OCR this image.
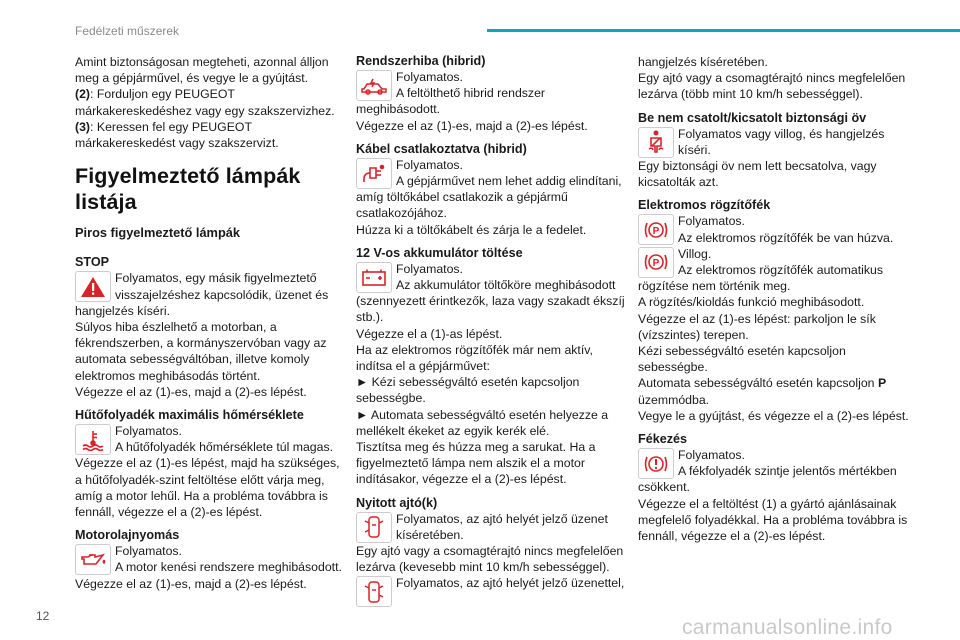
Fedélzeti műszerek

Amint biztonságosan megteheti, azonnal álljon meg a gépjárművel, és vegye le a gyújtást.

(2): Forduljon egy PEUGEOT márkakereskedéshez vagy egy szakszervizhez.

(3): Keressen fel egy PEUGEOT márkakereskedést vagy szakszervizt.

Figyelmeztető lámpák listája

Piros figyelmeztető lámpák

STOP

Folyamatos, egy másik figyelmeztető

visszajelzéshez kapcsolódik, üzenet és

hangjelzés kíséri.
Súlyos hiba észlelhető a motorban, a fékrendszerben, a kormányszervóban vagy az automata sebességváltóban, illetve komoly elektromos meghibásodás történt.
Végezze el az (1)-es, majd a (2)-es lépést.

Hűtőfolyadék maximális hőmérséklete

Folyamatos.

A hűtőfolyadék hőmérséklete túl magas.

Végezze el az (1)-es lépést, majd ha szükséges, a hűtőfolyadék-szint feltöltése előtt várja meg, amíg a motor lehűl. Ha a probléma továbbra is fennáll, végezze el a (2)-es lépést.

Motorolajnyomás

Folyamatos.

A motor kenési rendszere meghibásodott.

Végezze el az (1)-es, majd a (2)-es lépést.

Rendszerhiba (hibrid)

Folyamatos.

A feltölthető hibrid rendszer

meghibásodott.
Végezze el az (1)-es, majd a (2)-es lépést.

Kábel csatlakoztatva (hibrid)

Folyamatos.

A gépjárművet nem lehet addig elindítani,

amíg töltőkábel csatlakozik a gépjármű csatlakozójához.
Húzza ki a töltőkábelt és zárja le a fedelet.

12 V-os akkumulátor töltése

Folyamatos.

Az akkumulátor töltőköre meghibásodott

(szennyezett érintkezők, laza vagy szakadt ékszíj stb.).
Végezze el a (1)-as lépést.
Ha az elektromos rögzítőfék már nem aktív, indítsa el a gépjárművet:
► Kézi sebességváltó esetén kapcsoljon sebességbe.
► Automata sebességváltó esetén helyezze a mellékelt ékeket az egyik kerék elé.
Tisztítsa meg és húzza meg a sarukat. Ha a figyelmeztető lámpa nem alszik el a motor indításakor, végezze el a (2)-es lépést.

Nyitott ajtó(k)

Folyamatos, az ajtó helyét jelző üzenet

kíséretében.

Egy ajtó vagy a csomagtérajtó nincs megfelelően lezárva (kevesebb mint 10 km/h sebességgel).

Folyamatos, az ajtó helyét jelző üzenettel,

hangjelzés kíséretében.
Egy ajtó vagy a csomagtérajtó nincs megfelelően lezárva (több mint 10 km/h sebességgel).

Be nem csatolt/kicsatolt biztonsági öv

Folyamatos vagy villog, és hangjelzés

kíséri.

Egy biztonsági öv nem lett becsatolva, vagy kicsatolták azt.

Elektromos rögzítőfék

P

Folyamatos.

Az elektromos rögzítőfék be van húzva.

P

Villog.

Az elektromos rögzítőfék automatikus

rögzítése nem történik meg.
A rögzítés/kioldás funkció meghibásodott.
Végezze el az (1)-es lépést: parkoljon le sík (vízszintes) terepen.
Kézi sebességváltó esetén kapcsoljon sebességbe.
Automata sebességváltó esetén kapcsoljon P üzemmódba.
Vegye le a gyújtást, és végezze el a (2)-es lépést.

Fékezés

Folyamatos.

A fékfolyadék szintje jelentős mértékben

csökkent.
Végezze el a feltöltést (1) a gyártó ajánlásainak megfelelő folyadékkal. Ha a probléma továbbra is fennáll, végezze el a (2)-es lépést.

12	carmanualsonline.info
